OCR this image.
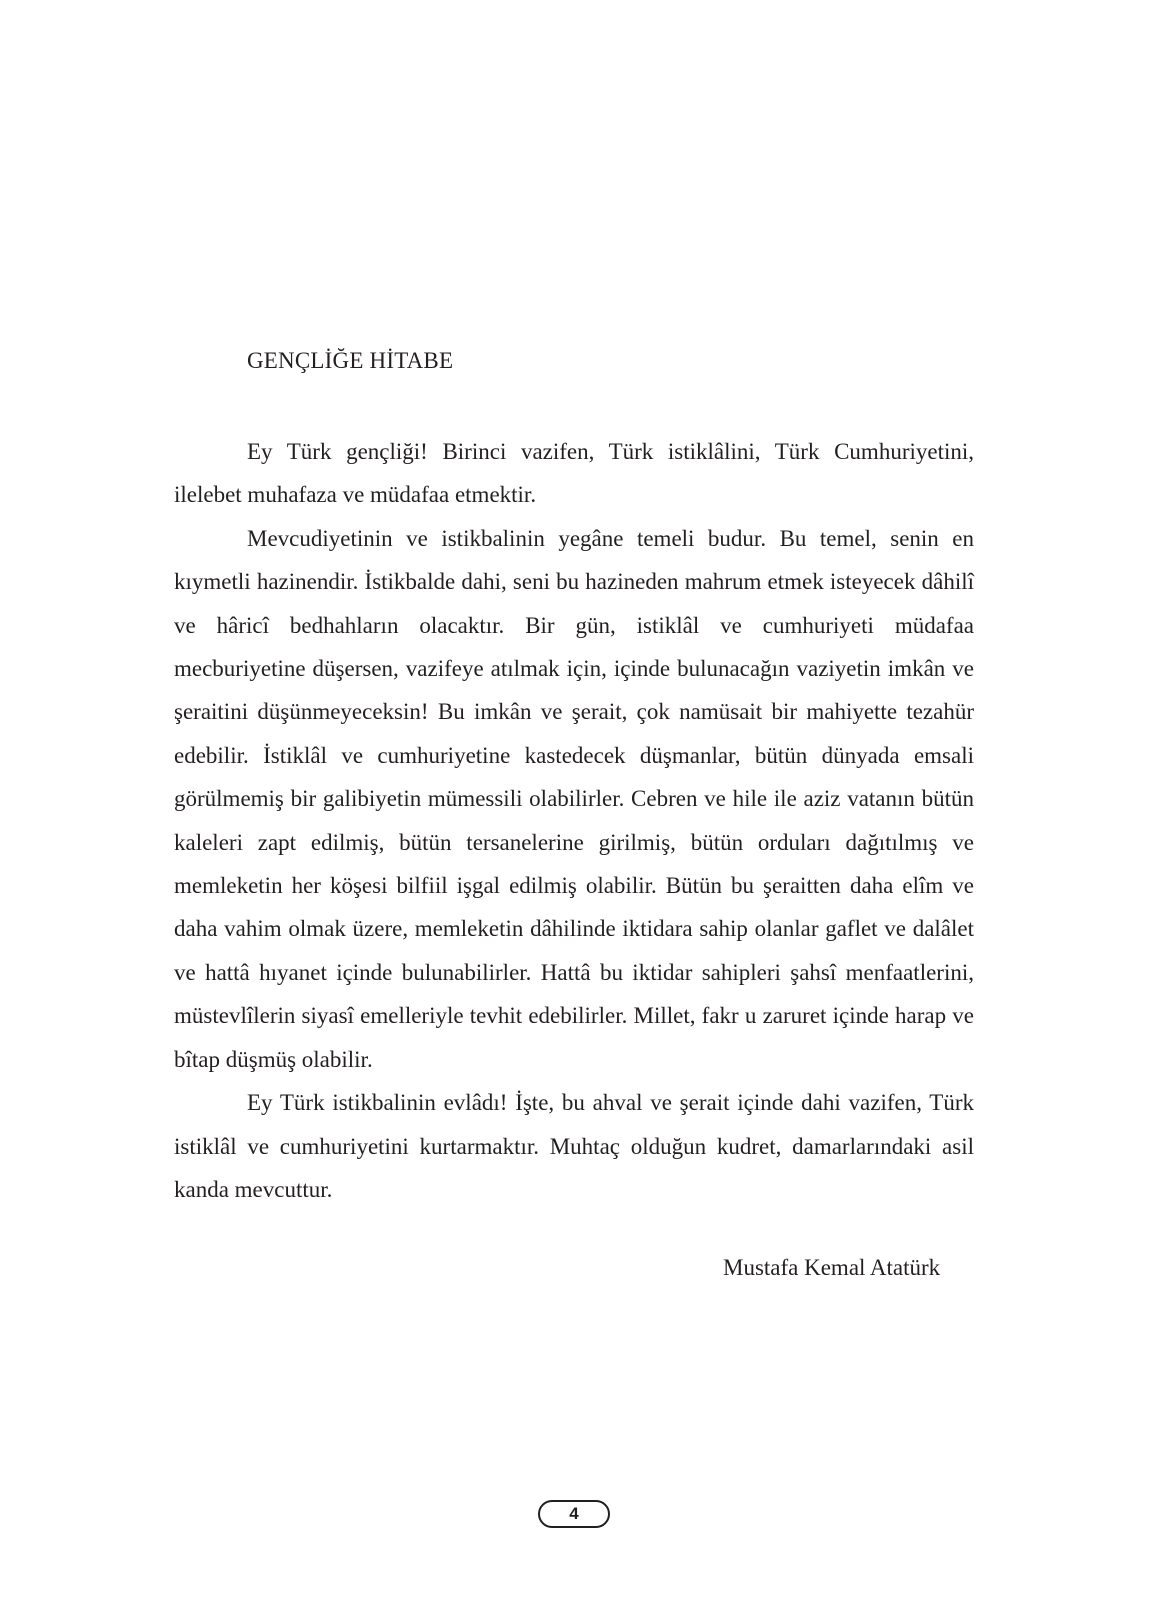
GENÇLİĞE HİTABE

Ey Türk gençliği! Birinci vazifen, Türk istiklâlini, Türk Cumhuriyetini, ilelebet muhafaza ve müdafaa etmektir.

Mevcudiyetinin ve istikbalinin yegâne temeli budur. Bu temel, senin en kıymetli hazinendir. İstikbalde dahi, seni bu hazineden mahrum etmek isteyecek dâhilî ve hâricî bedhahların olacaktır. Bir gün, istiklâl ve cumhuriyeti müdafaa mecburiyetine düşersen, vazifeye atılmak için, içinde bulunacağın vaziyetin imkân ve şeraitini düşünmeyeceksin! Bu imkân ve şerait, çok namüsait bir mahiyette tezahür edebilir. İstiklâl ve cumhuriyetine kastedecek düşmanlar, bütün dünyada emsali görülmemiş bir galibiyetin mümessili olabilirler. Cebren ve hile ile aziz vatanın bütün kaleleri zapt edilmiş, bütün tersanelerine girilmiş, bütün orduları dağıtılmış ve memleketin her köşesi bilfiil işgal edilmiş olabilir. Bütün bu şeraitten daha elîm ve daha vahim olmak üzere, memleketin dâhilinde iktidara sahip olanlar gaflet ve dalâlet ve hattâ hıyanet içinde bulunabilirler. Hattâ bu iktidar sahipleri şahsî menfaatlerini, müstevlîlerin siyasî emelleriyle tevhit edebilirler. Millet, fakr u zaruret içinde harap ve bîtap düşmüş olabilir.

Ey Türk istikbalinin evlâdı! İşte, bu ahval ve şerait içinde dahi vazifen, Türk istiklâl ve cumhuriyetini kurtarmaktır. Muhtaç olduğun kudret, damarlarındaki asil kanda mevcuttur.

Mustafa Kemal Atatürk
4
